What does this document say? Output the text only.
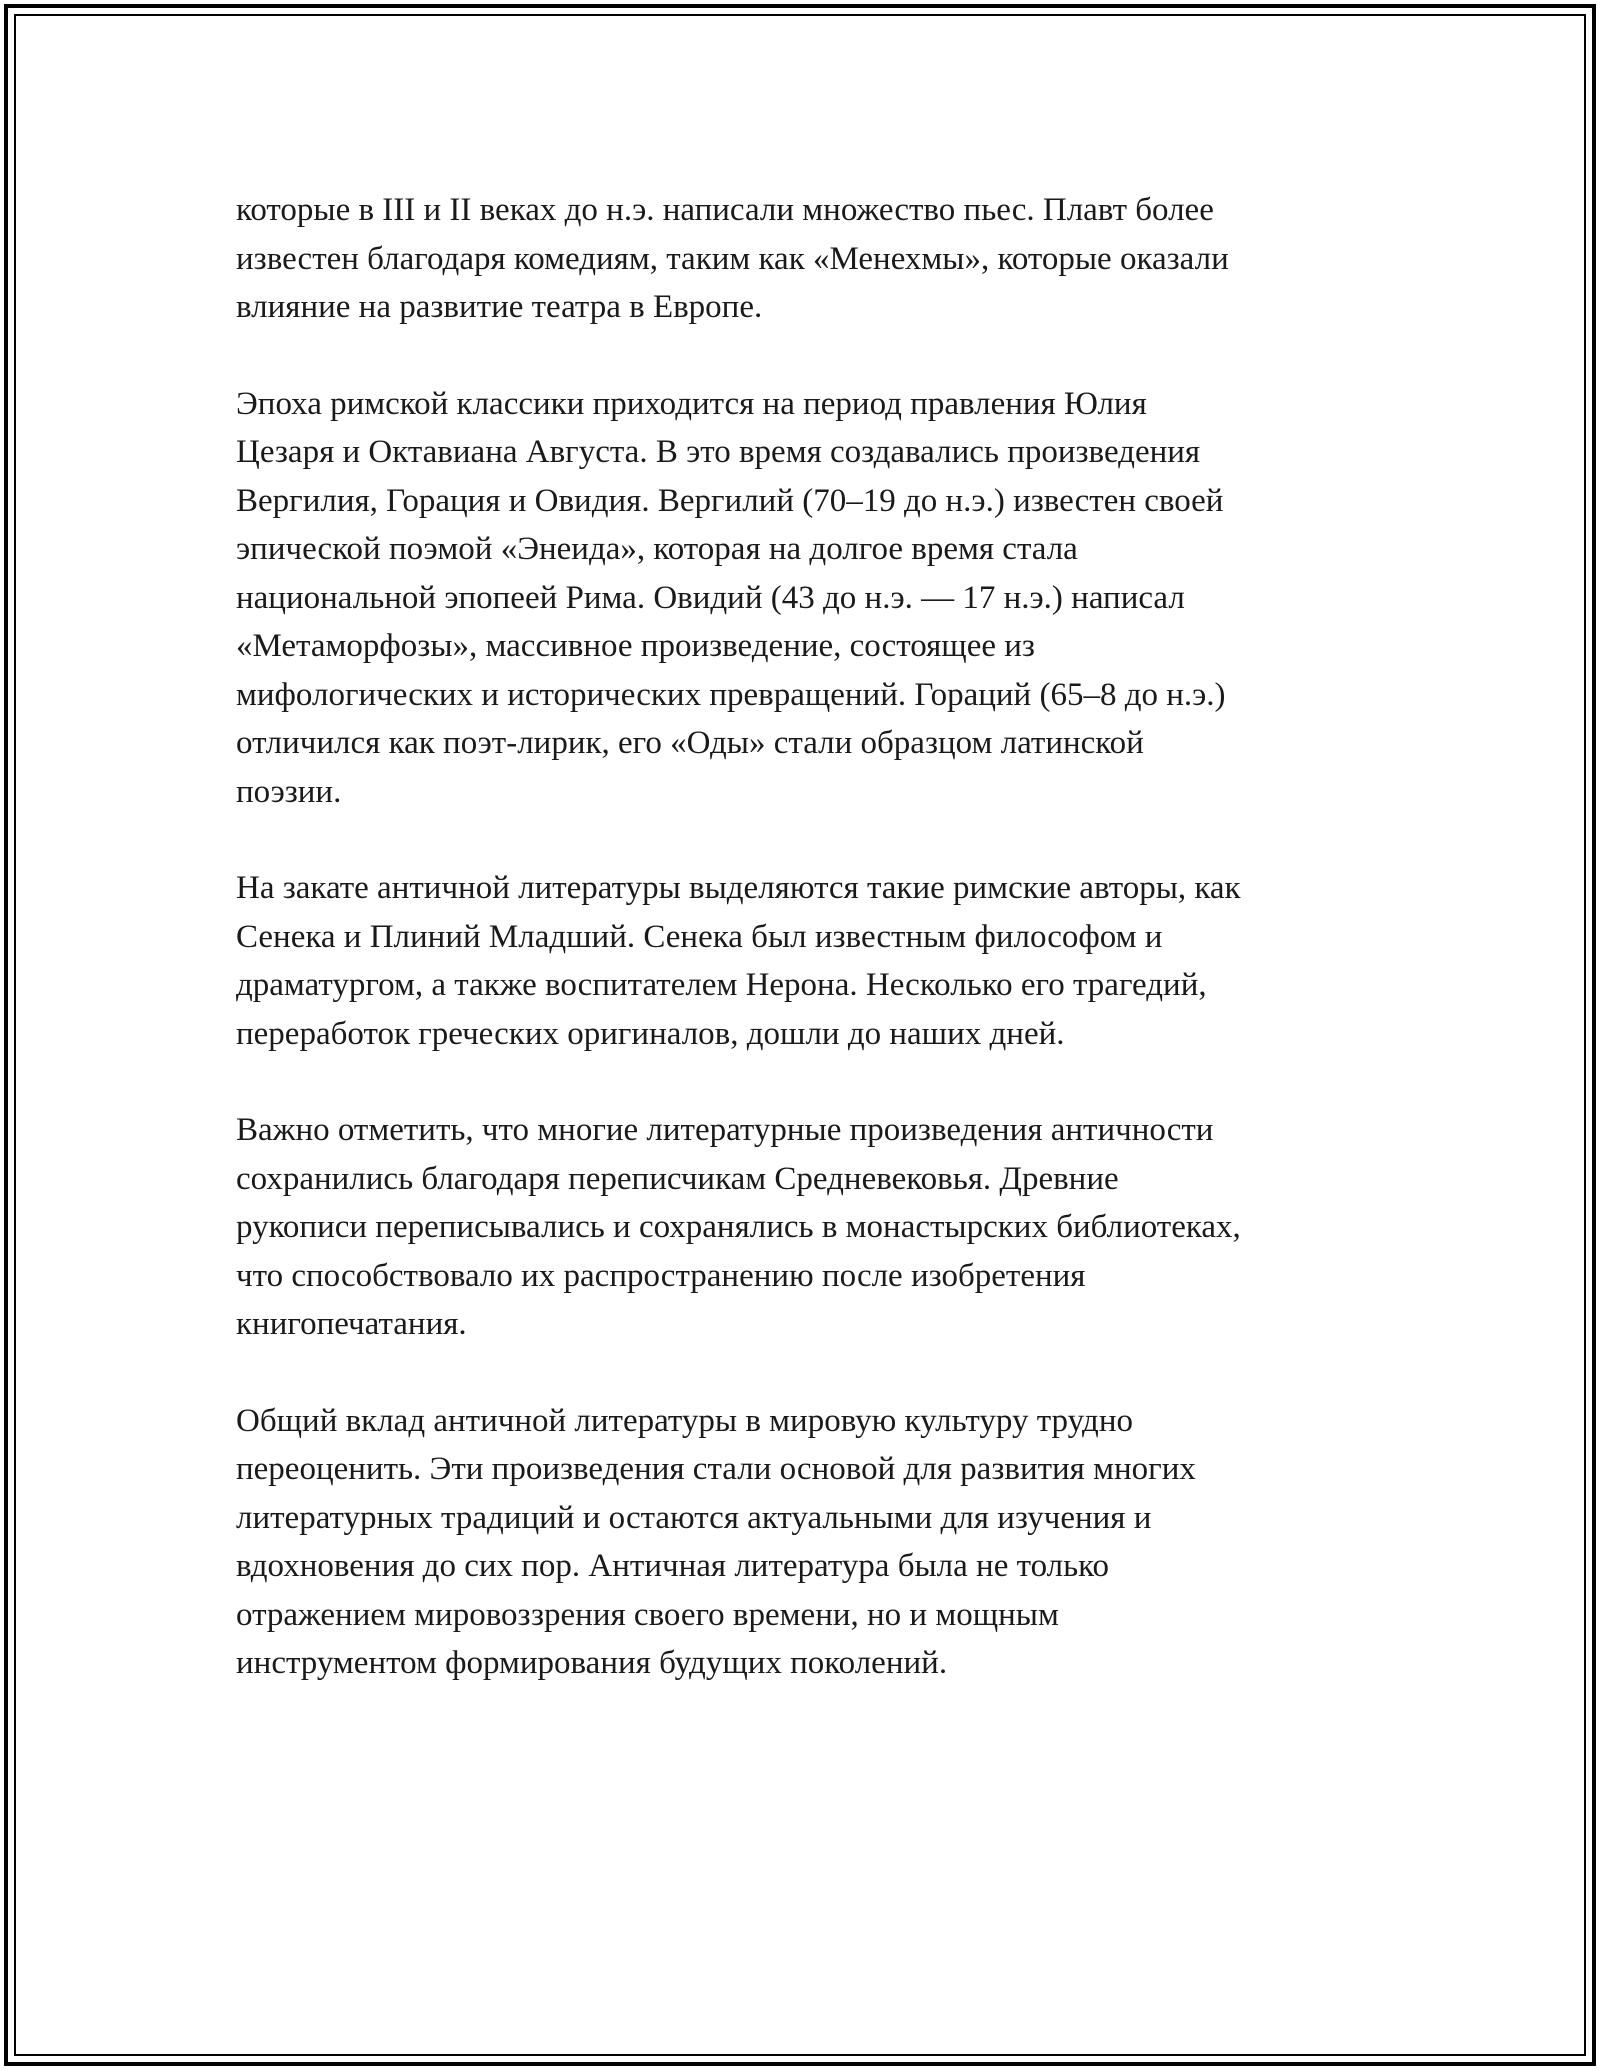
которые в III и II веках до н.э. написали множество пьес. Плавт более
известен благодаря комедиям, таким как «Менехмы», которые оказали
влияние на развитие театра в Европе.

Эпоха римской классики приходится на период правления Юлия
Цезаря и Октавиана Августа. В это время создавались произведения
Вергилия, Горация и Овидия. Вергилий (70–19 до н.э.) известен своей
эпической поэмой «Энеида», которая на долгое время стала
национальной эпопеей Рима. Овидий (43 до н.э. — 17 н.э.) написал
«Метаморфозы», массивное произведение, состоящее из
мифологических и исторических превращений. Гораций (65–8 до н.э.)
отличился как поэт-лирик, его «Оды» стали образцом латинской
поэзии.

На закате античной литературы выделяются такие римские авторы, как
Сенека и Плиний Младший. Сенека был известным философом и
драматургом, а также воспитателем Нерона. Несколько его трагедий,
переработок греческих оригиналов, дошли до наших дней.

Важно отметить, что многие литературные произведения античности
сохранились благодаря переписчикам Средневековья. Древние
рукописи переписывались и сохранялись в монастырских библиотеках,
что способствовало их распространению после изобретения
книгопечатания.

Общий вклад античной литературы в мировую культуру трудно
переоценить. Эти произведения стали основой для развития многих
литературных традиций и остаются актуальными для изучения и
вдохновения до сих пор. Античная литература была не только
отражением мировоззрения своего времени, но и мощным
инструментом формирования будущих поколений.
